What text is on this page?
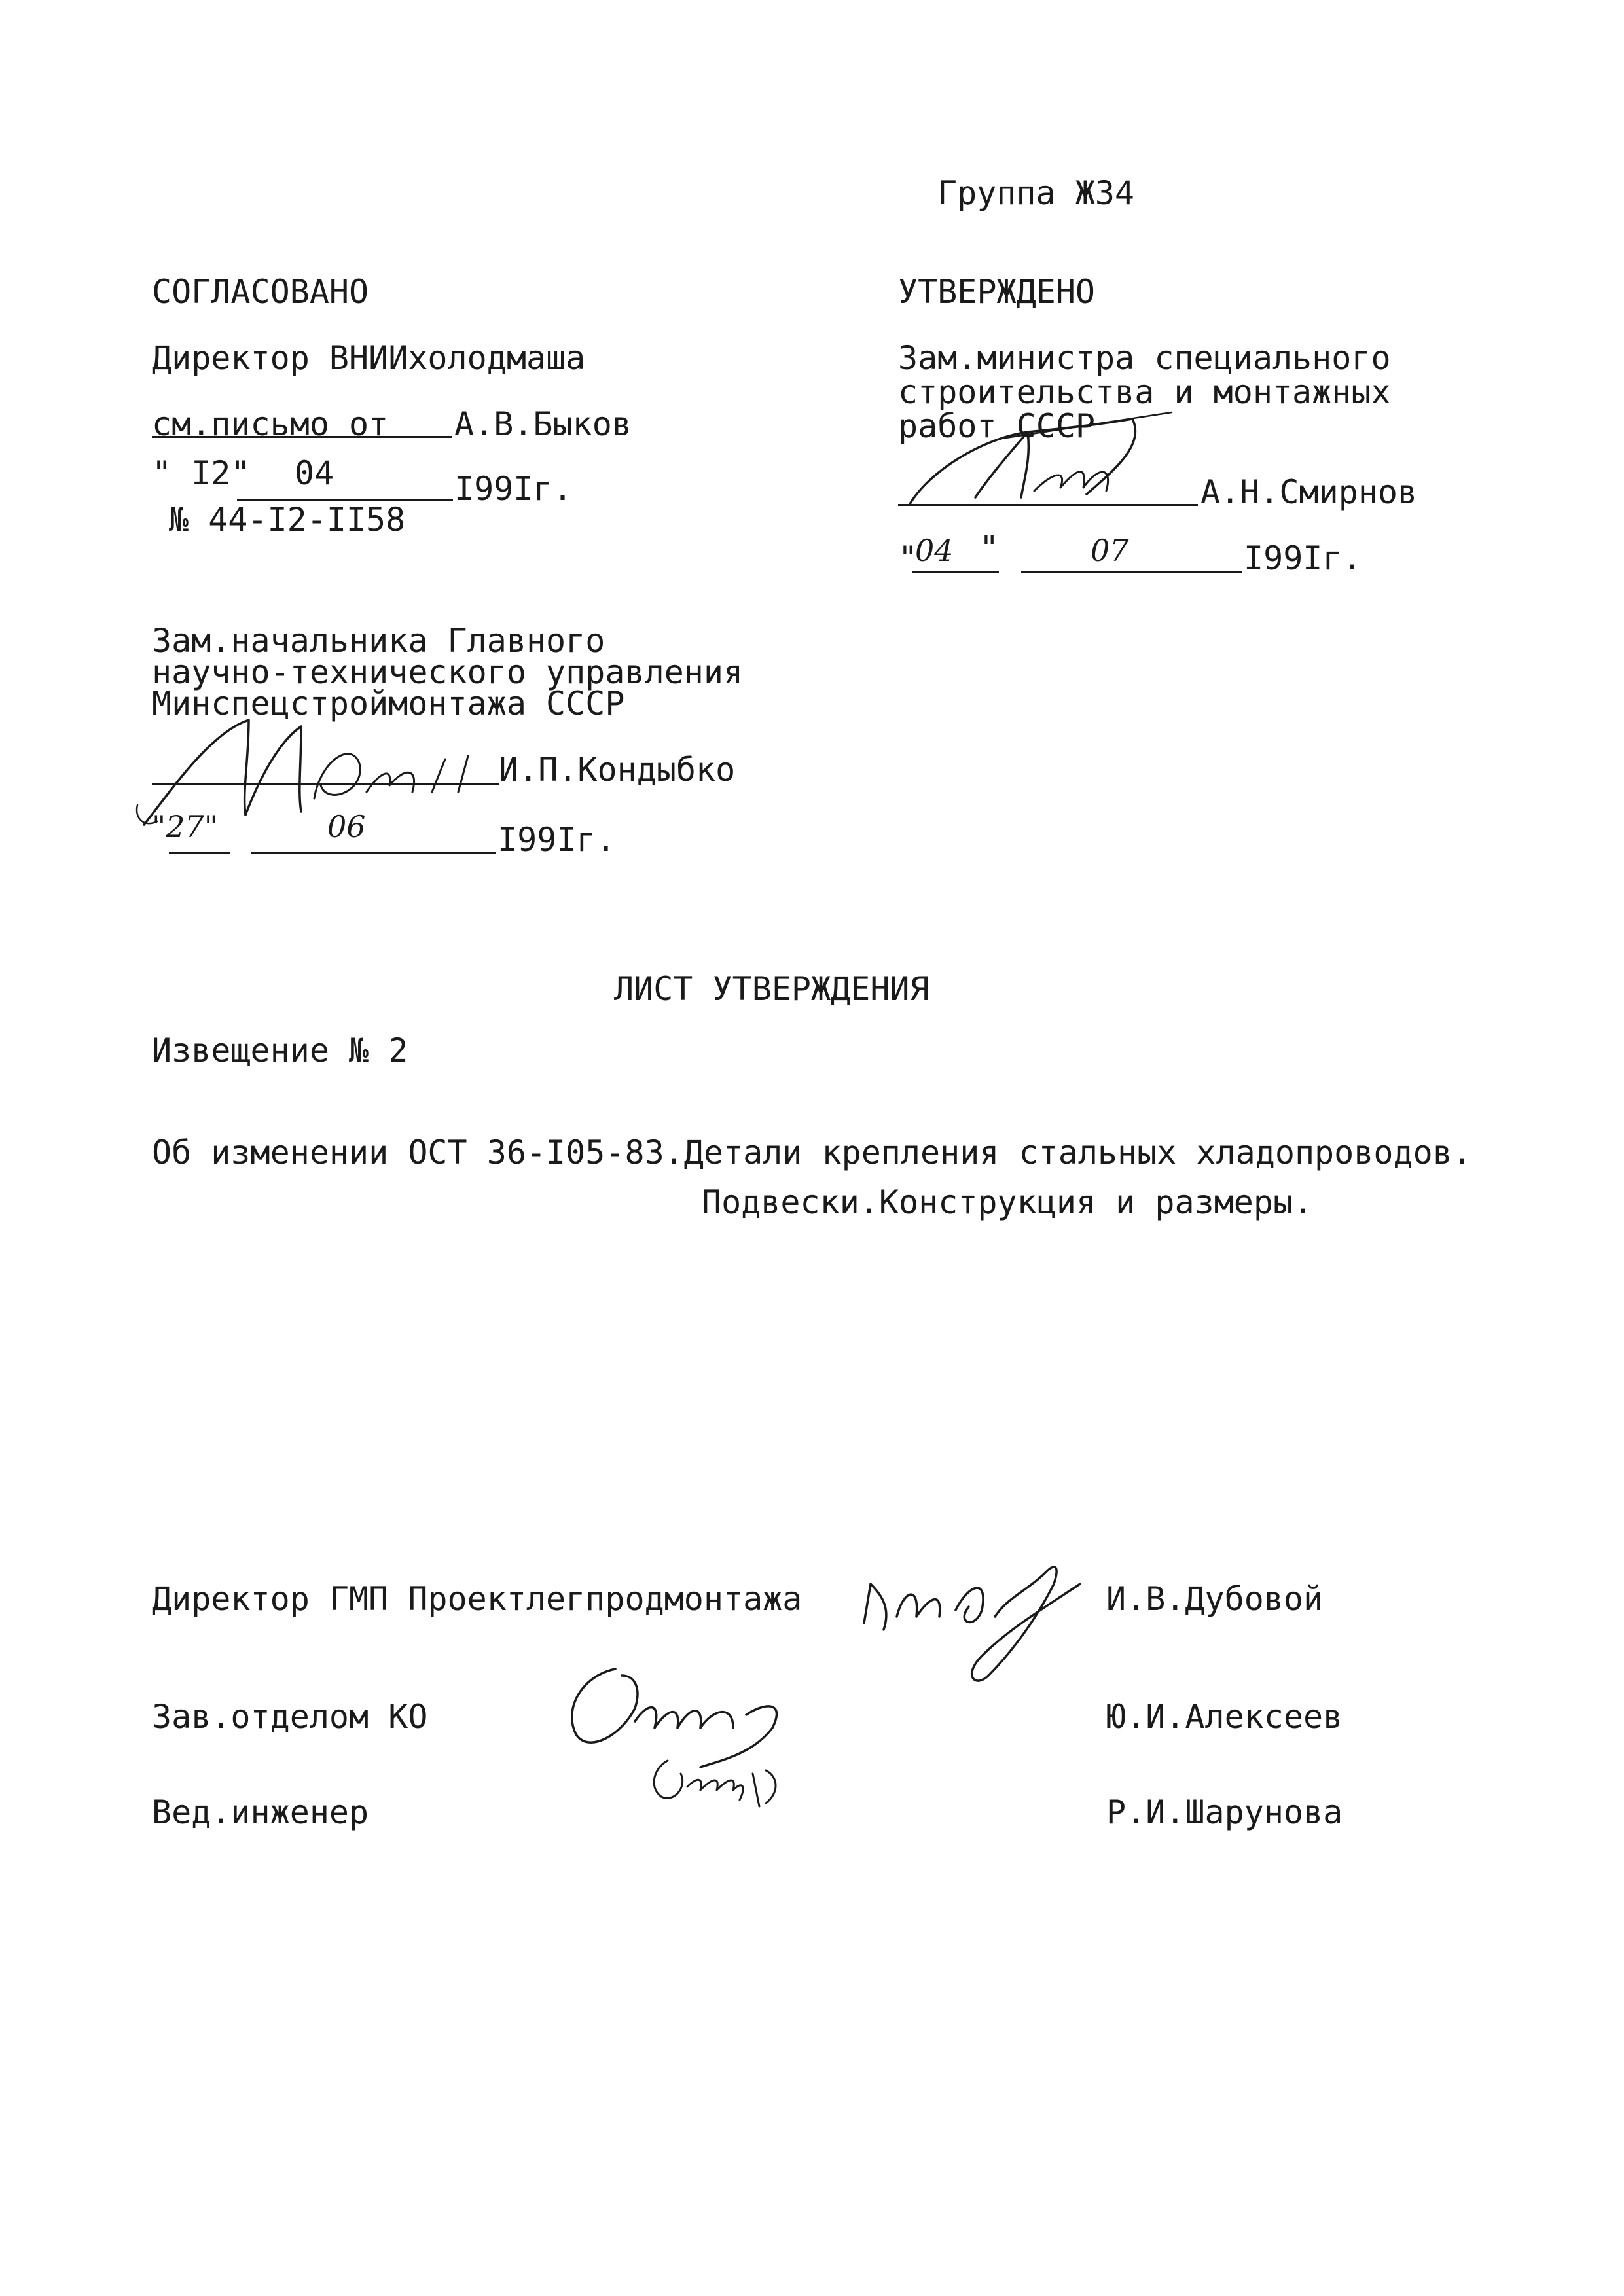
Группа Ж34
СОГЛАСОВАНО
Директор ВНИИхолодмаша
см.письмо от А.В.Быков
" I2" 04	I99Iг.
№ 44-I2-II58
УТВЕРЖДЕНО
Зам.министра специального
строительства и монтажных
работ СССР
А.Н.Смирнов
"
04 "	07	I99Iг.
Зам.начальника Главного
научно-технического управления
Минспецстроймонтажа СССР
И.П.Кондыбко
"27"	06	I99Iг.
ЛИСТ УТВЕРЖДЕНИЯ
Извещение № 2
Об изменении ОСТ 36-I05-83.Детали крепления стальных хладопроводов.
Подвески.Конструкция и размеры.
Директор ГМП Проектлегпродмонтажа	И.В.Дубовой
Зав.отделом КО	Ю.И.Алексеев
Вед.инженер	Р.И.Шарунова
